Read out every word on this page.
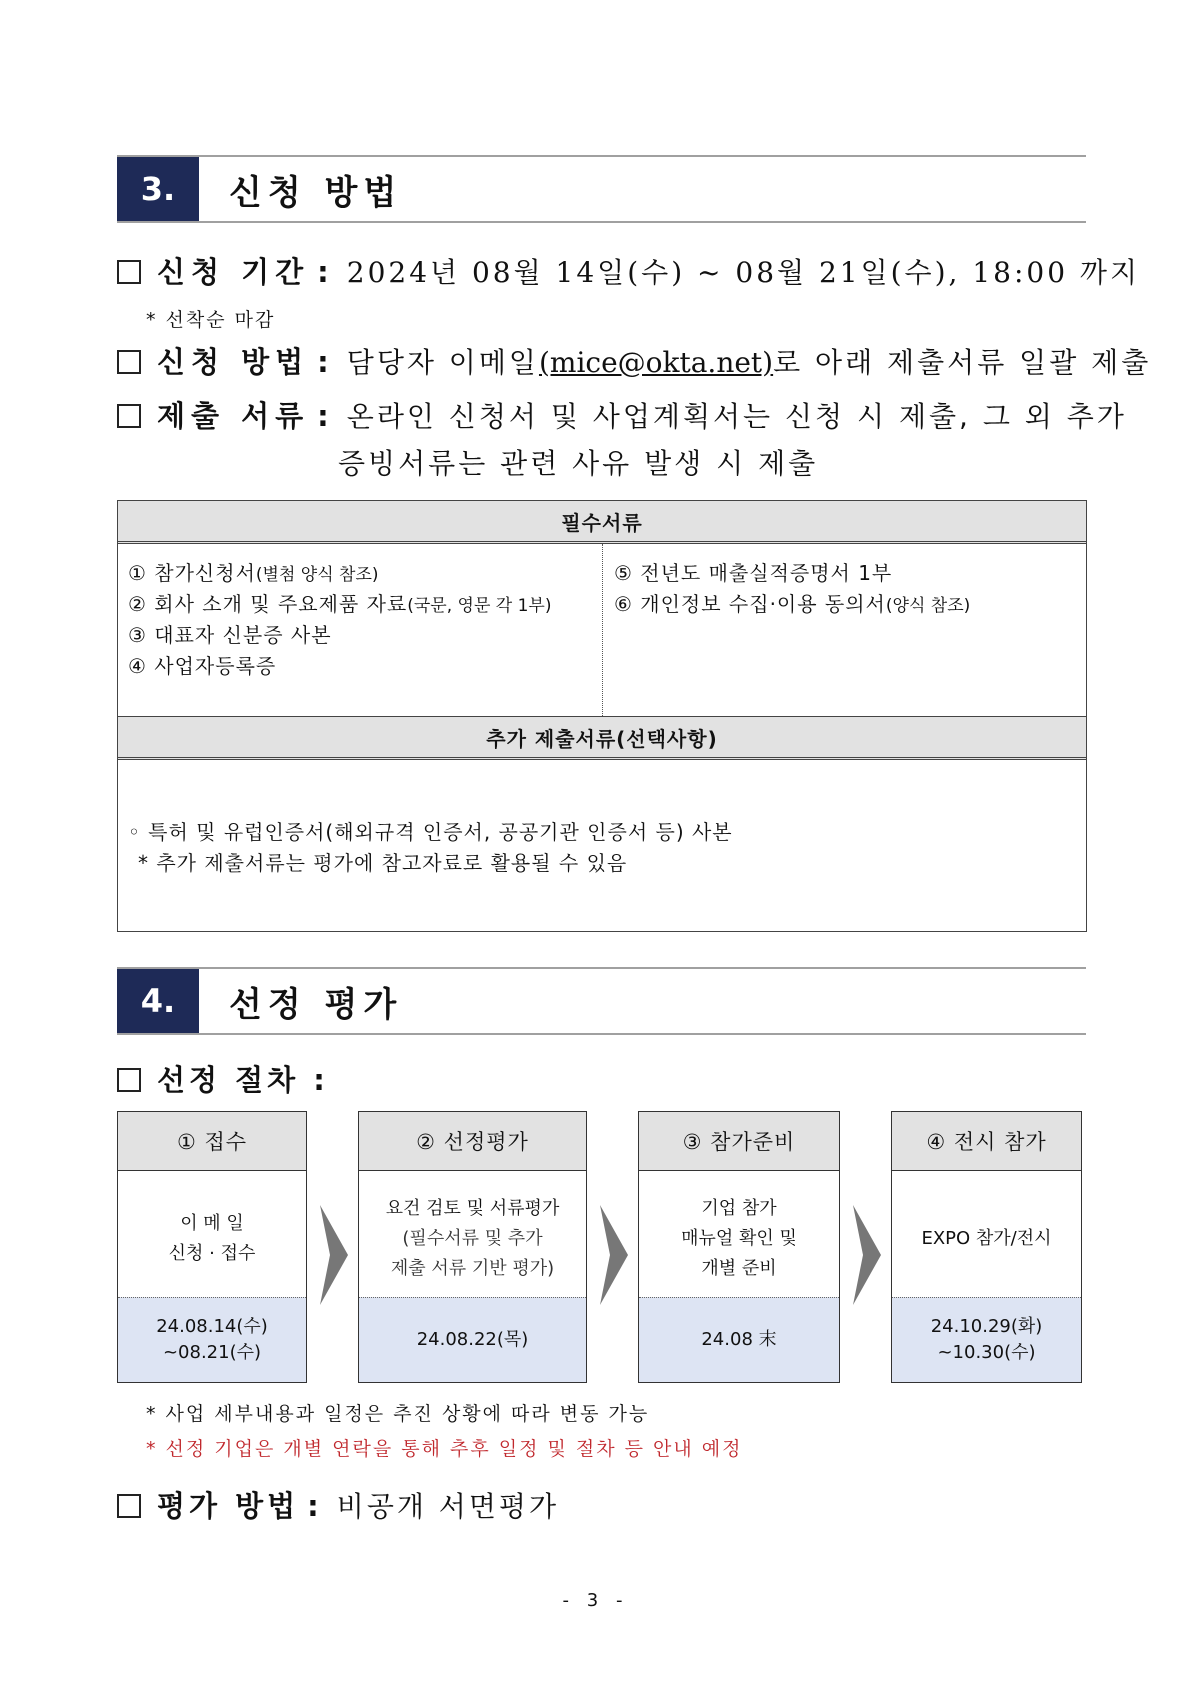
3.	신청 방법
신청 기간 : 2024년 08월 14일(수) ~ 08월 21일(수), 18:00 까지
* 선착순 마감
신청 방법 : 담당자 이메일 (mice@okta.net) 로 아래 제출서류 일괄 제출
제출 서류 : 온라인 신청서 및 사업계획서는 신청 시 제출, 그 외 추가
증빙서류는 관련 사유 발생 시 제출
필수서류
① 참가신청서(별첨 양식 참조)
② 회사 소개 및 주요제품 자료(국문, 영문 각 1부)
③ 대표자 신분증 사본
④ 사업자등록증
⑤ 전년도 매출실적증명서 1부
⑥ 개인정보 수집·이용 동의서(양식 참조)
추가 제출서류(선택사항)
◦ 특허 및 유럽인증서(해외규격 인증서, 공공기관 인증서 등) 사본
* 추가 제출서류는 평가에 참고자료로 활용될 수 있음
4.	선정 평가
선정 절차 :
① 접수
이 메 일
신청 · 접수
24.08.14(수)
~08.21(수)
② 선정평가
요건 검토 및 서류평가
(필수서류 및 추가
제출 서류 기반 평가)
24.08.22(목)
③ 참가준비
기업 참가
매뉴얼 확인 및
개별 준비
24.08 末
④ 전시 참가
EXPO 참가/전시
24.10.29(화)
~10.30(수)
* 사업 세부내용과 일정은 추진 상황에 따라 변동 가능
* 선정 기업은 개별 연락을 통해 추후 일정 및 절차 등 안내 예정
평가 방법 : 비공개 서면평가
- 3 -
